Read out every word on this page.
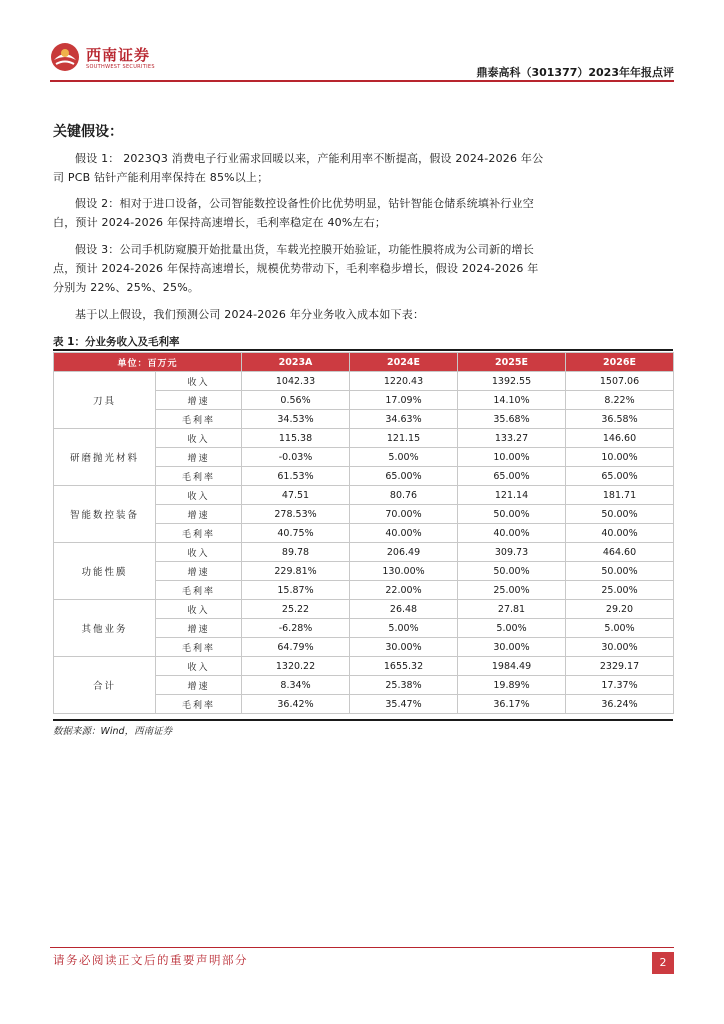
西南证券
SOUTHWEST SECURITIES	鼎泰高科（301377）2023年年报点评
关键假设：

假设 1： 2023Q3 消费电子行业需求回暖以来，产能利用率不断提高，假设 2024-2026 年公司 PCB 钻针产能利用率保持在 85%以上；

假设 2：相对于进口设备，公司智能数控设备性价比优势明显，钻针智能仓储系统填补行业空白，预计 2024-2026 年保持高速增长，毛利率稳定在 40%左右；

假设 3：公司手机防窥膜开始批量出货，车载光控膜开始验证，功能性膜将成为公司新的增长点，预计 2024-2026 年保持高速增长，规模优势带动下，毛利率稳步增长，假设 2024-2026 年分别为 22%、25%、25%。

基于以上假设，我们预测公司 2024-2026 年分业务收入成本如下表：

表 1：分业务收入及毛利率
单位：百万元		2023A	2024E	2025E	2026E
刀具	收入	1042.33	1220.43	1392.55	1507.06
	增速	0.56%	17.09%	14.10%	8.22%
	毛利率	34.53%	34.63%	35.68%	36.58%
研磨抛光材料	收入	115.38	121.15	133.27	146.60
	增速	-0.03%	5.00%	10.00%	10.00%
	毛利率	61.53%	65.00%	65.00%	65.00%
智能数控装备	收入	47.51	80.76	121.14	181.71
	增速	278.53%	70.00%	50.00%	50.00%
	毛利率	40.75%	40.00%	40.00%	40.00%
功能性膜	收入	89.78	206.49	309.73	464.60
	增速	229.81%	130.00%	50.00%	50.00%
	毛利率	15.87%	22.00%	25.00%	25.00%
其他业务	收入	25.22	26.48	27.81	29.20
	增速	-6.28%	5.00%	5.00%	5.00%
	毛利率	64.79%	30.00%	30.00%	30.00%
合计	收入	1320.22	1655.32	1984.49	2329.17
	增速	8.34%	25.38%	19.89%	17.37%
	毛利率	36.42%	35.47%	36.17%	36.24%
数据来源：Wind，西南证券
请务必阅读正文后的重要声明部分	2
